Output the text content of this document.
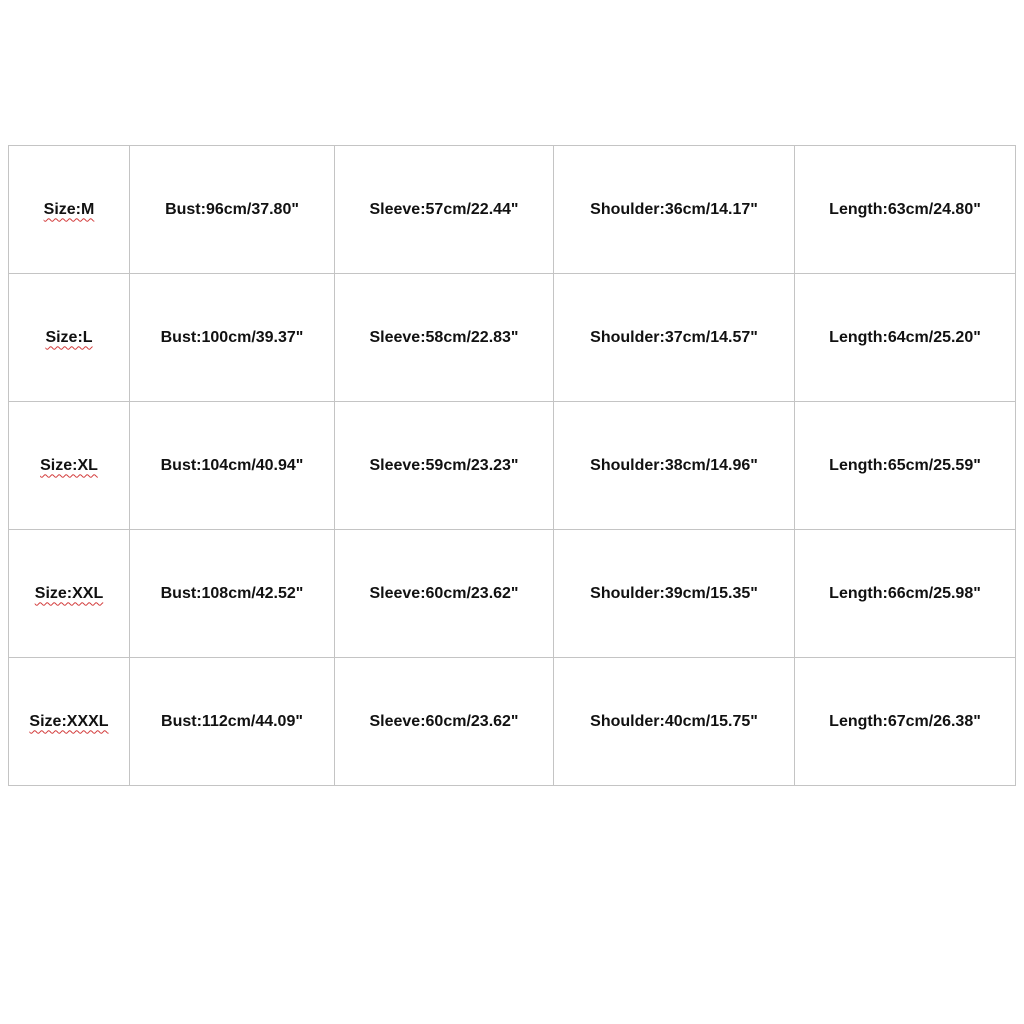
Size:M	Bust:96cm/37.80"	Sleeve:57cm/22.44"	Shoulder:36cm/14.17"	Length:63cm/24.80"
Size:L	Bust:100cm/39.37"	Sleeve:58cm/22.83"	Shoulder:37cm/14.57"	Length:64cm/25.20"
Size:XL	Bust:104cm/40.94"	Sleeve:59cm/23.23"	Shoulder:38cm/14.96"	Length:65cm/25.59"
Size:XXL	Bust:108cm/42.52"	Sleeve:60cm/23.62"	Shoulder:39cm/15.35"	Length:66cm/25.98"
Size:XXXL	Bust:112cm/44.09"	Sleeve:60cm/23.62"	Shoulder:40cm/15.75"	Length:67cm/26.38"
